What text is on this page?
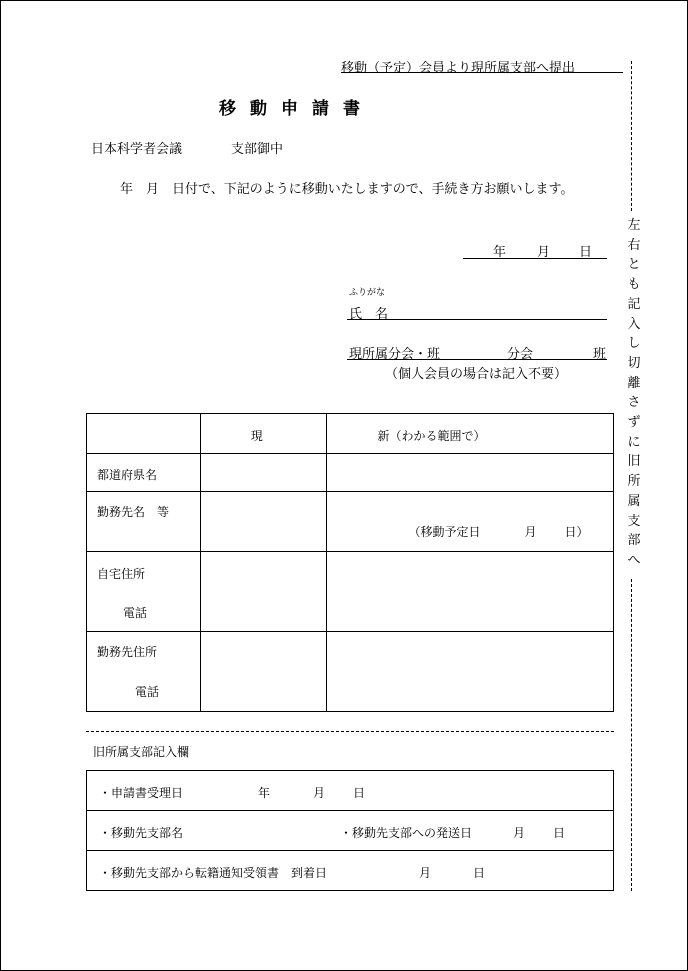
移動（予定）会員より現所属支部へ提出
移動申請書
日本科学者会議	支部御中
年　月　日付で、下記のように移動いたしますので、手続き方お願いします。
年 月 日
ふりがな
氏　名
現所属分会・班	分会	班
（個人会員の場合は記入不要）
左
右
と
も
記
入
し
切
離
さ
ず
に
旧
所
属
支
部
へ

	現	新（わかる範囲で）

都道府県名		

勤務先名　等		（移動予定日 月 日）

自宅住所
電話		

勤務先住所
電話		

旧所属支部記入欄
・申請書受理日	年	月 日

・移動先支部名	・移動先支部への発送日	月 日

・移動先支部から転籍通知受領書　到着日	月	日
